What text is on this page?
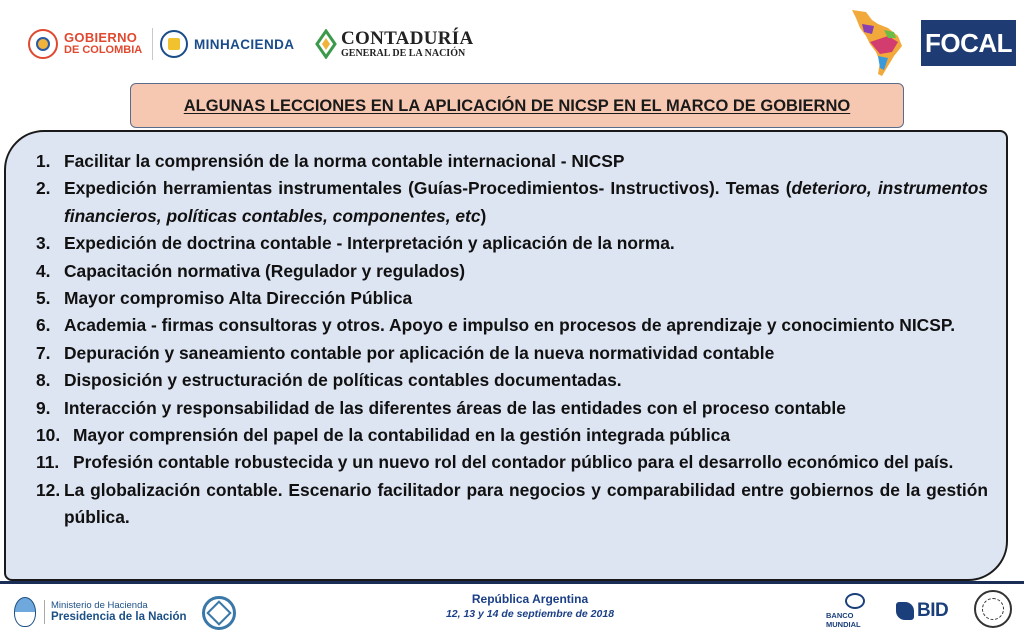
GOBIERNO
DE COLOMBIA	MINHACIENDA CONTADURÍA
GENERAL DE LA NACIÓN	FOCAL
ALGUNAS LECCIONES EN LA APLICACIÓN DE NICSP EN EL MARCO DE GOBIERNO
1. Facilitar la comprensión de la norma contable internacional - NICSP
2. Expedición herramientas instrumentales (Guías-Procedimientos- Instructivos). Temas (deterioro, instrumentos financieros, políticas contables, componentes, etc)
3. Expedición de doctrina contable - Interpretación y aplicación de la norma.
4. Capacitación normativa (Regulador y regulados)
5. Mayor compromiso Alta Dirección Pública
6. Academia - firmas consultoras y otros. Apoyo e impulso en procesos de aprendizaje y conocimiento NICSP.
7. Depuración y saneamiento contable por aplicación de la nueva normatividad contable
8. Disposición y estructuración de políticas contables documentadas.
9. Interacción y responsabilidad de las diferentes áreas de las entidades con el proceso contable
10. Mayor comprensión del papel de la contabilidad en la gestión integrada pública
11. Profesión contable robustecida y un nuevo rol del contador público para el desarrollo económico del país.
12. La globalización contable. Escenario facilitador para negocios y comparabilidad entre gobiernos de la gestión pública.
Ministerio de Hacienda
Presidencia de la Nación
República Argentina
12, 13 y 14 de septiembre de 2018	BANCO MUNDIAL
BID
